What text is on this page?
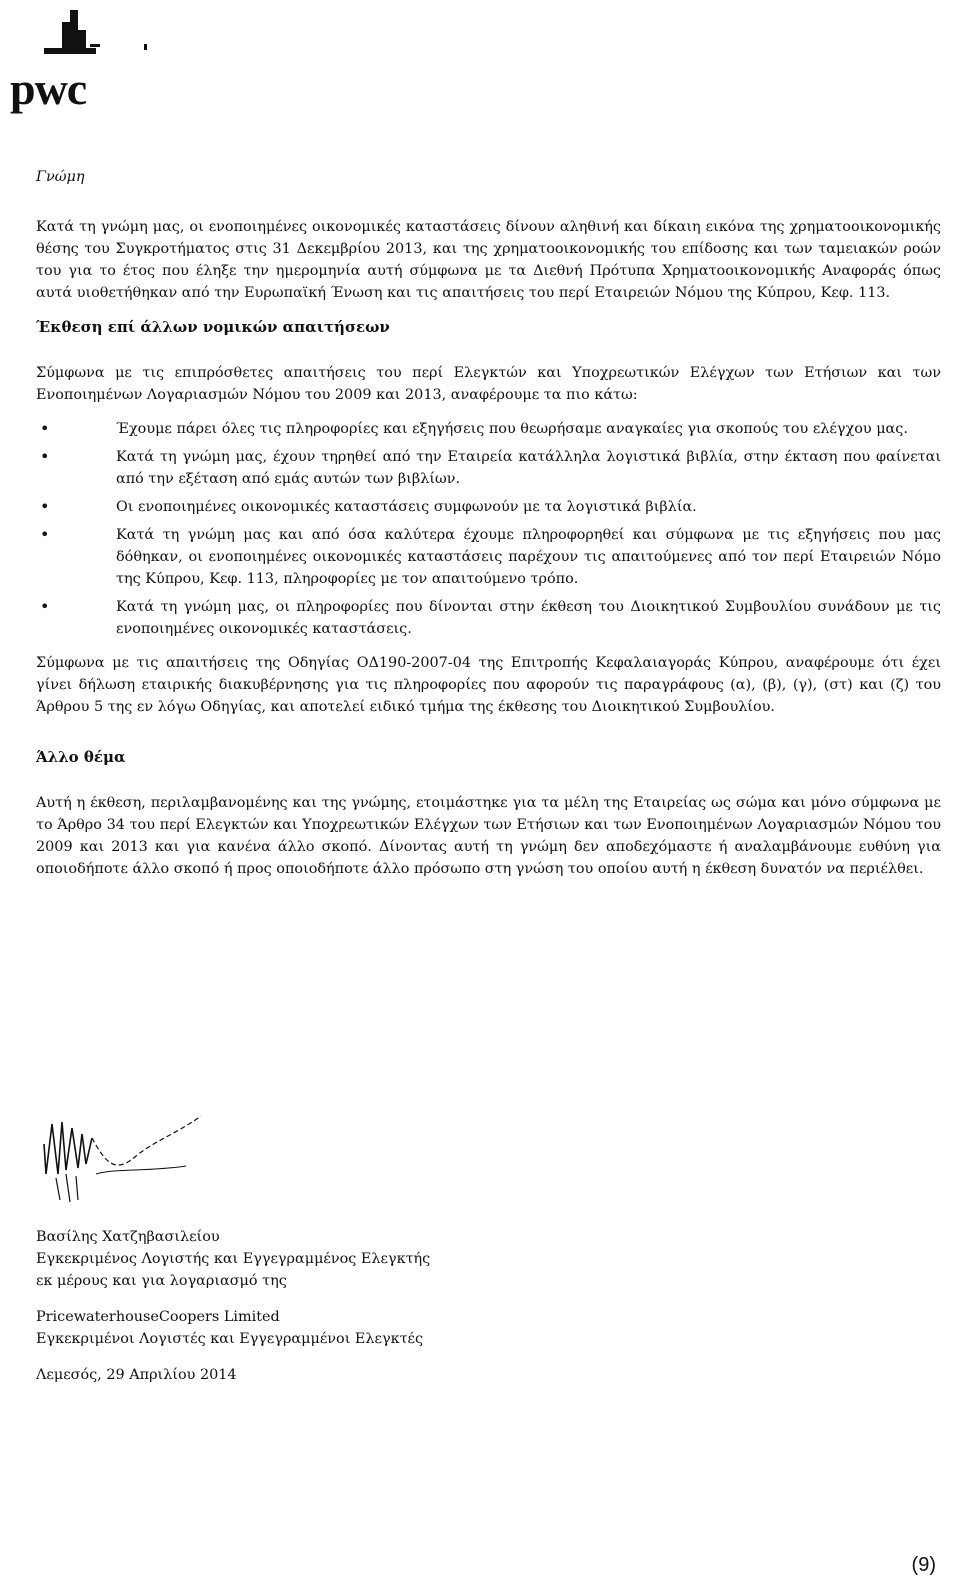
pwc
Γνώμη

Κατά τη γνώμη μας, οι ενοποιημένες οικονομικές καταστάσεις δίνουν αληθινή και δίκαιη εικόνα της χρηματοοικονομικής θέσης του Συγκροτήματος στις 31 Δεκεμβρίου 2013, και της χρηματοοικονομικής του επίδοσης και των ταμειακών ροών του για το έτος που έληξε την ημερομηνία αυτή σύμφωνα με τα Διεθνή Πρότυπα Χρηματοοικονομικής Αναφοράς όπως αυτά υιοθετήθηκαν από την Ευρωπαϊκή Ένωση και τις απαιτήσεις του περί Εταιρειών Νόμου της Κύπρου, Κεφ. 113.

Έκθεση επί άλλων νομικών απαιτήσεων

Σύμφωνα με τις επιπρόσθετες απαιτήσεις του περί Ελεγκτών και Υποχρεωτικών Ελέγχων των Ετήσιων και των Ενοποιημένων Λογαριασμών Νόμου του 2009 και 2013, αναφέρουμε τα πιο κάτω:

• Έχουμε πάρει όλες τις πληροφορίες και εξηγήσεις που θεωρήσαμε αναγκαίες για σκοπούς του ελέγχου μας.
• Κατά τη γνώμη μας, έχουν τηρηθεί από την Εταιρεία κατάλληλα λογιστικά βιβλία, στην έκταση που φαίνεται από την εξέταση από εμάς αυτών των βιβλίων.
• Οι ενοποιημένες οικονομικές καταστάσεις συμφωνούν με τα λογιστικά βιβλία.
• Κατά τη γνώμη μας και από όσα καλύτερα έχουμε πληροφορηθεί και σύμφωνα με τις εξηγήσεις που μας δόθηκαν, οι ενοποιημένες οικονομικές καταστάσεις παρέχουν τις απαιτούμενες από τον περί Εταιρειών Νόμο της Κύπρου, Κεφ. 113, πληροφορίες με τον απαιτούμενο τρόπο.
• Κατά τη γνώμη μας, οι πληροφορίες που δίνονται στην έκθεση του Διοικητικού Συμβουλίου συνάδουν με τις ενοποιημένες οικονομικές καταστάσεις.

Σύμφωνα με τις απαιτήσεις της Οδηγίας ΟΔ190-2007-04 της Επιτροπής Κεφαλαιαγοράς Κύπρου, αναφέρουμε ότι έχει γίνει δήλωση εταιρικής διακυβέρνησης για τις πληροφορίες που αφορούν τις παραγράφους (α), (β), (γ), (στ) και (ζ) του Άρθρου 5 της εν λόγω Οδηγίας, και αποτελεί ειδικό τμήμα της έκθεσης του Διοικητικού Συμβουλίου.

Άλλο θέμα

Αυτή η έκθεση, περιλαμβανομένης και της γνώμης, ετοιμάστηκε για τα μέλη της Εταιρείας ως σώμα και μόνο σύμφωνα με το Άρθρο 34 του περί Ελεγκτών και Υποχρεωτικών Ελέγχων των Ετήσιων και των Ενοποιημένων Λογαριασμών Νόμου του 2009 και 2013 και για κανένα άλλο σκοπό. Δίνοντας αυτή τη γνώμη δεν αποδεχόμαστε ή αναλαμβάνουμε ευθύνη για οποιοδήποτε άλλο σκοπό ή προς οποιοδήποτε άλλο πρόσωπο στη γνώση του οποίου αυτή η έκθεση δυνατόν να περιέλθει.

Βασίλης Χατζηβασιλείου
Εγκεκριμένος Λογιστής και Εγγεγραμμένος Ελεγκτής
εκ μέρους και για λογαριασμό της
PricewaterhouseCoopers Limited
Εγκεκριμένοι Λογιστές και Εγγεγραμμένοι Ελεγκτές
Λεμεσός, 29 Απριλίου 2014
(9)
